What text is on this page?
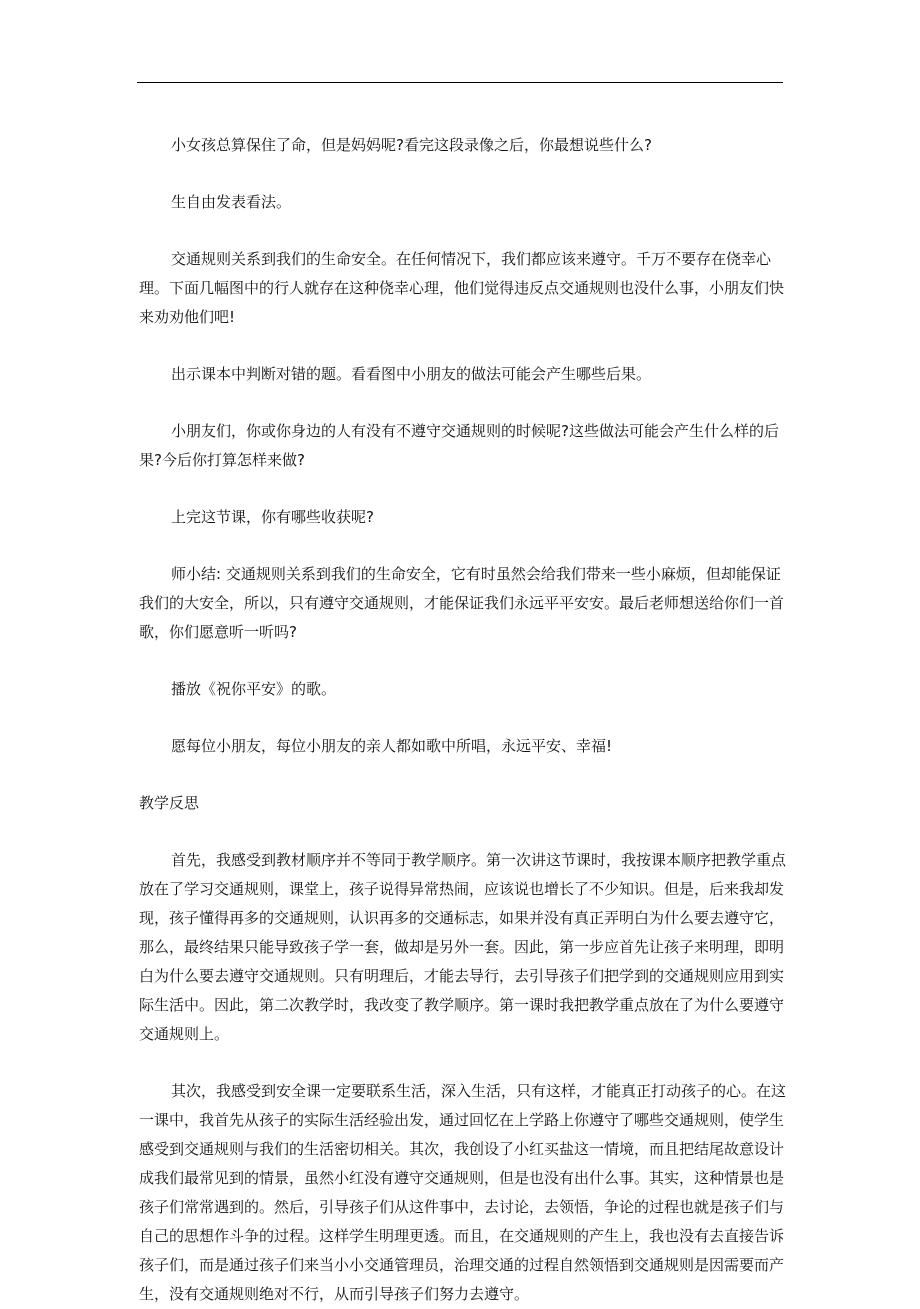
小女孩总算保住了命，但是妈妈呢?看完这段录像之后，你最想说些什么?

生自由发表看法。

交通规则关系到我们的生命安全。在任何情况下，我们都应该来遵守。千万不要存在侥幸心理。下面几幅图中的行人就存在这种侥幸心理，他们觉得违反点交通规则也没什么事，小朋友们快来劝劝他们吧!

出示课本中判断对错的题。看看图中小朋友的做法可能会产生哪些后果。

小朋友们，你或你身边的人有没有不遵守交通规则的时候呢?这些做法可能会产生什么样的后果?今后你打算怎样来做?

上完这节课，你有哪些收获呢?

师小结: 交通规则关系到我们的生命安全，它有时虽然会给我们带来一些小麻烦，但却能保证我们的大安全，所以，只有遵守交通规则，才能保证我们永远平平安安。最后老师想送给你们一首歌，你们愿意听一听吗?

播放《祝你平安》的歌。

愿每位小朋友，每位小朋友的亲人都如歌中所唱，永远平安、幸福!

教学反思

首先，我感受到教材顺序并不等同于教学顺序。第一次讲这节课时，我按课本顺序把教学重点放在了学习交通规则，课堂上，孩子说得异常热闹，应该说也增长了不少知识。但是，后来我却发现，孩子懂得再多的交通规则，认识再多的交通标志，如果并没有真正弄明白为什么要去遵守它，那么，最终结果只能导致孩子学一套，做却是另外一套。因此，第一步应首先让孩子来明理，即明白为什么要去遵守交通规则。只有明理后，才能去导行，去引导孩子们把学到的交通规则应用到实际生活中。因此，第二次教学时，我改变了教学顺序。第一课时我把教学重点放在了为什么要遵守交通规则上。

其次，我感受到安全课一定要联系生活，深入生活，只有这样，才能真正打动孩子的心。在这一课中，我首先从孩子的实际生活经验出发，通过回忆在上学路上你遵守了哪些交通规则，使学生感受到交通规则与我们的生活密切相关。其次，我创设了小红买盐这一情境，而且把结尾故意设计成我们最常见到的情景，虽然小红没有遵守交通规则，但是也没有出什么事。其实，这种情景也是孩子们常常遇到的。然后，引导孩子们从这件事中，去讨论，去领悟，争论的过程也就是孩子们与自己的思想作斗争的过程。这样学生明理更透。而且，在交通规则的产生上，我也没有去直接告诉孩子们，而是通过孩子们来当小小交通管理员，治理交通的过程自然领悟到交通规则是因需要而产生，没有交通规则绝对不行，从而引导孩子们努力去遵守。
